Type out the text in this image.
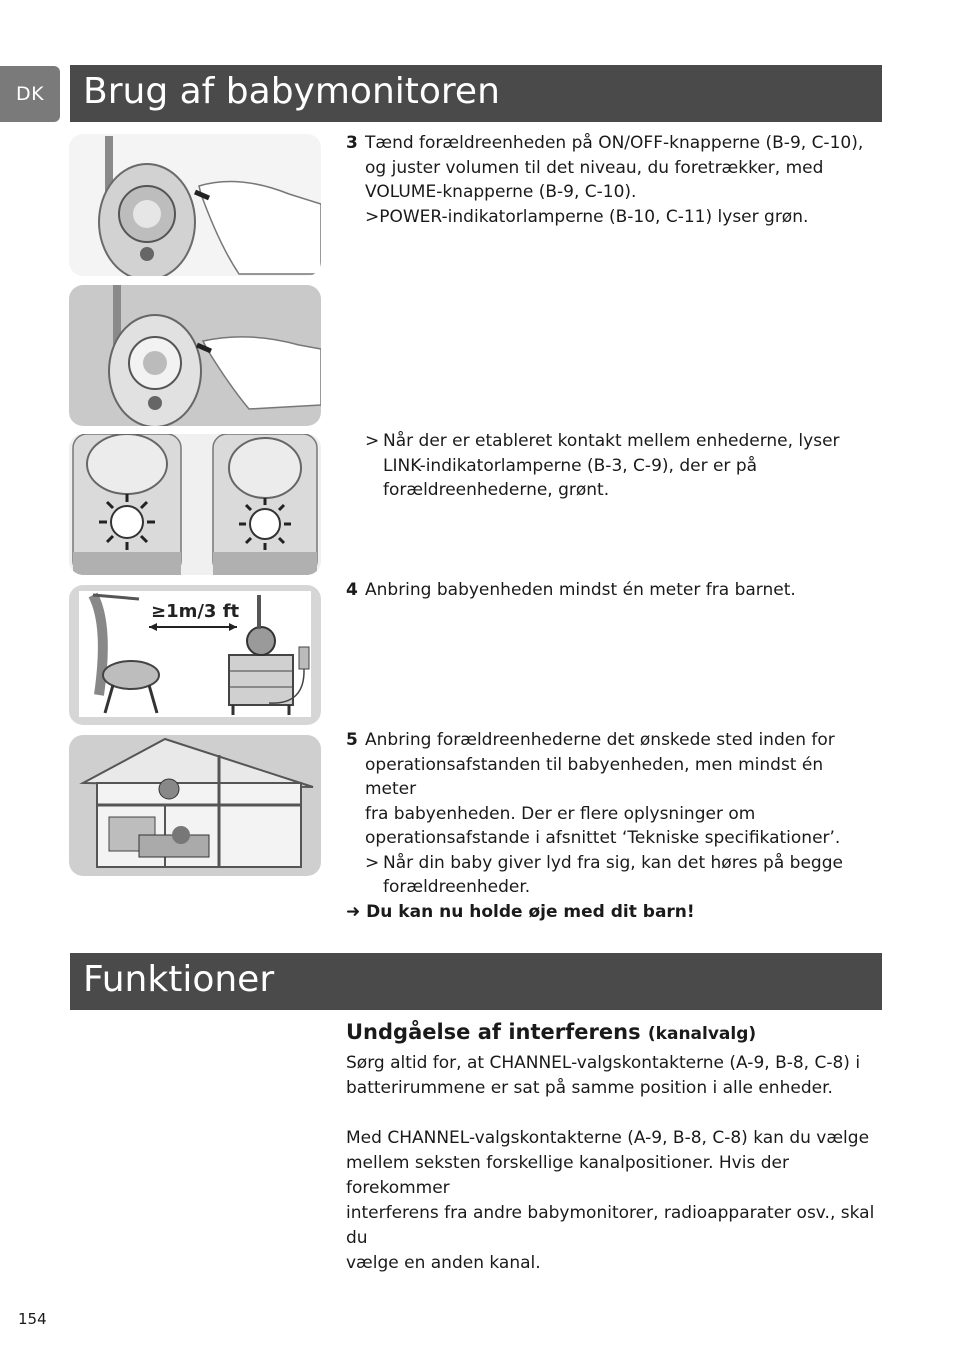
DK	Brug af babymonitoren
≥1m/3 ft
3 Tænd forældreenheden på ON/OFF-knapperne (B-9, C-10),
og juster volumen til det niveau, du foretrækker, med
VOLUME-knapperne (B-9, C-10).
>POWER-indikatorlamperne (B-10, C-11) lyser grøn.
> Når der er etableret kontakt mellem enhederne, lyser
LINK-indikatorlamperne (B-3, C-9), der er på
forældreenhederne, grønt.
4 Anbring babyenheden mindst én meter fra barnet.
5 Anbring forældreenhederne det ønskede sted inden for
operationsafstanden til babyenheden, men mindst én meter
fra babyenheden. Der er flere oplysninger om
operationsafstande i afsnittet ‘Tekniske specifikationer’.
> Når din baby giver lyd fra sig, kan det høres på begge
forældreenheder.
➜ Du kan nu holde øje med dit barn!
Funktioner
Undgåelse af interferens (kanalvalg)
Sørg altid for, at CHANNEL-valgskontakterne (A-9, B-8, C-8) i
batterirummene er sat på samme position i alle enheder.
Med CHANNEL-valgskontakterne (A-9, B-8, C-8) kan du vælge
mellem seksten forskellige kanalpositioner. Hvis der forekommer
interferens fra andre babymonitorer, radioapparater osv., skal du
vælge en anden kanal.
154
